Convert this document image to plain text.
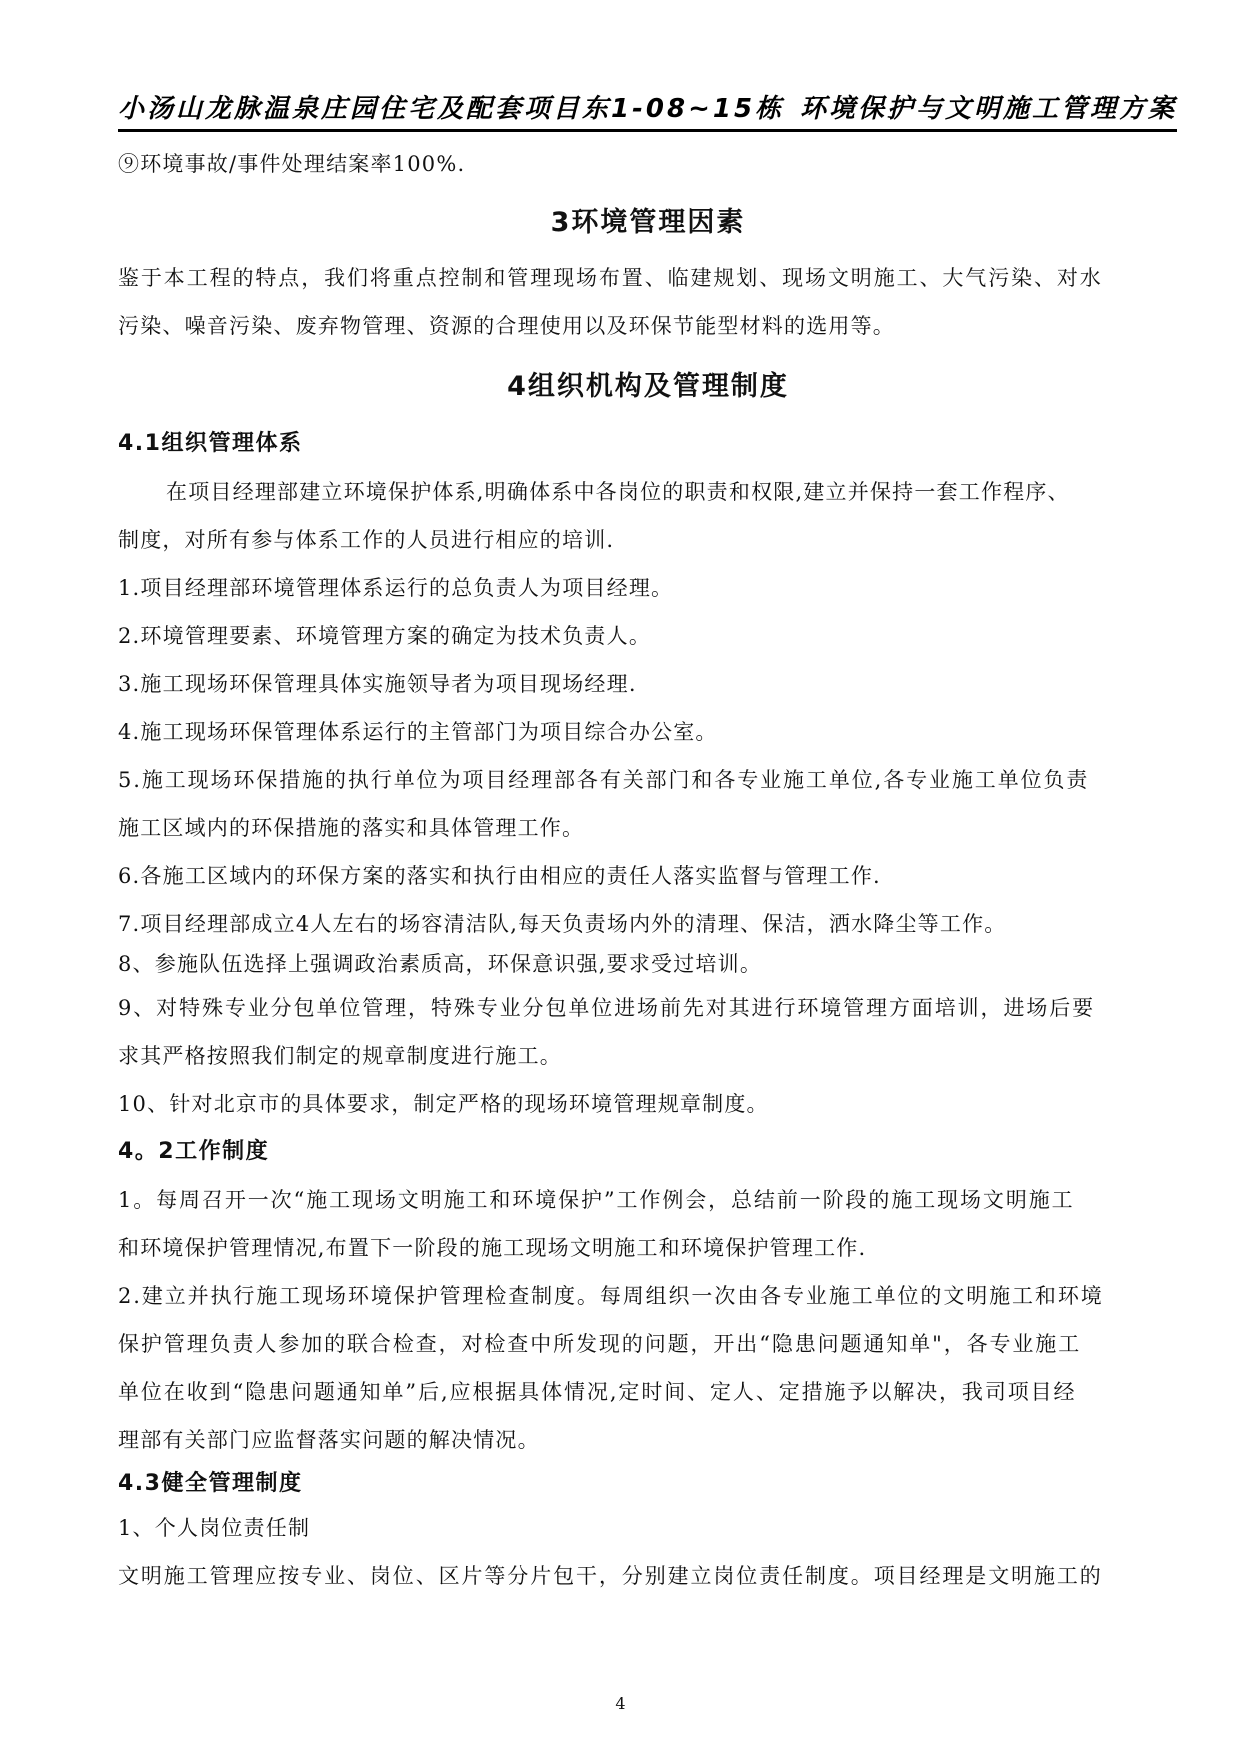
小汤山龙脉温泉庄园住宅及配套项目东1-08~15栋 环境保护与文明施工管理方案
⑨环境事故/事件处理结案率100%.
3环境管理因素
鉴于本工程的特点，我们将重点控制和管理现场布置、临建规划、现场文明施工、大气污染、对水
污染、噪音污染、废弃物管理、资源的合理使用以及环保节能型材料的选用等。
4组织机构及管理制度
4.1组织管理体系
在项目经理部建立环境保护体系,明确体系中各岗位的职责和权限,建立并保持一套工作程序、
制度，对所有参与体系工作的人员进行相应的培训.
1.项目经理部环境管理体系运行的总负责人为项目经理。
2.环境管理要素、环境管理方案的确定为技术负责人。
3.施工现场环保管理具体实施领导者为项目现场经理.
4.施工现场环保管理体系运行的主管部门为项目综合办公室。
5.施工现场环保措施的执行单位为项目经理部各有关部门和各专业施工单位,各专业施工单位负责
施工区域内的环保措施的落实和具体管理工作。
6.各施工区域内的环保方案的落实和执行由相应的责任人落实监督与管理工作.
7.项目经理部成立4人左右的场容清洁队,每天负责场内外的清理、保洁，洒水降尘等工作。
8、参施队伍选择上强调政治素质高，环保意识强,要求受过培训。
9、对特殊专业分包单位管理，特殊专业分包单位进场前先对其进行环境管理方面培训，进场后要
求其严格按照我们制定的规章制度进行施工。
10、针对北京市的具体要求，制定严格的现场环境管理规章制度。
4。2工作制度
1。每周召开一次“施工现场文明施工和环境保护”工作例会，总结前一阶段的施工现场文明施工
和环境保护管理情况,布置下一阶段的施工现场文明施工和环境保护管理工作.
2.建立并执行施工现场环境保护管理检查制度。每周组织一次由各专业施工单位的文明施工和环境
保护管理负责人参加的联合检查，对检查中所发现的问题，开出“隐患问题通知单"，各专业施工
单位在收到“隐患问题通知单”后,应根据具体情况,定时间、定人、定措施予以解决，我司项目经
理部有关部门应监督落实问题的解决情况。
4.3健全管理制度
1、个人岗位责任制
文明施工管理应按专业、岗位、区片等分片包干，分别建立岗位责任制度。项目经理是文明施工的
4
